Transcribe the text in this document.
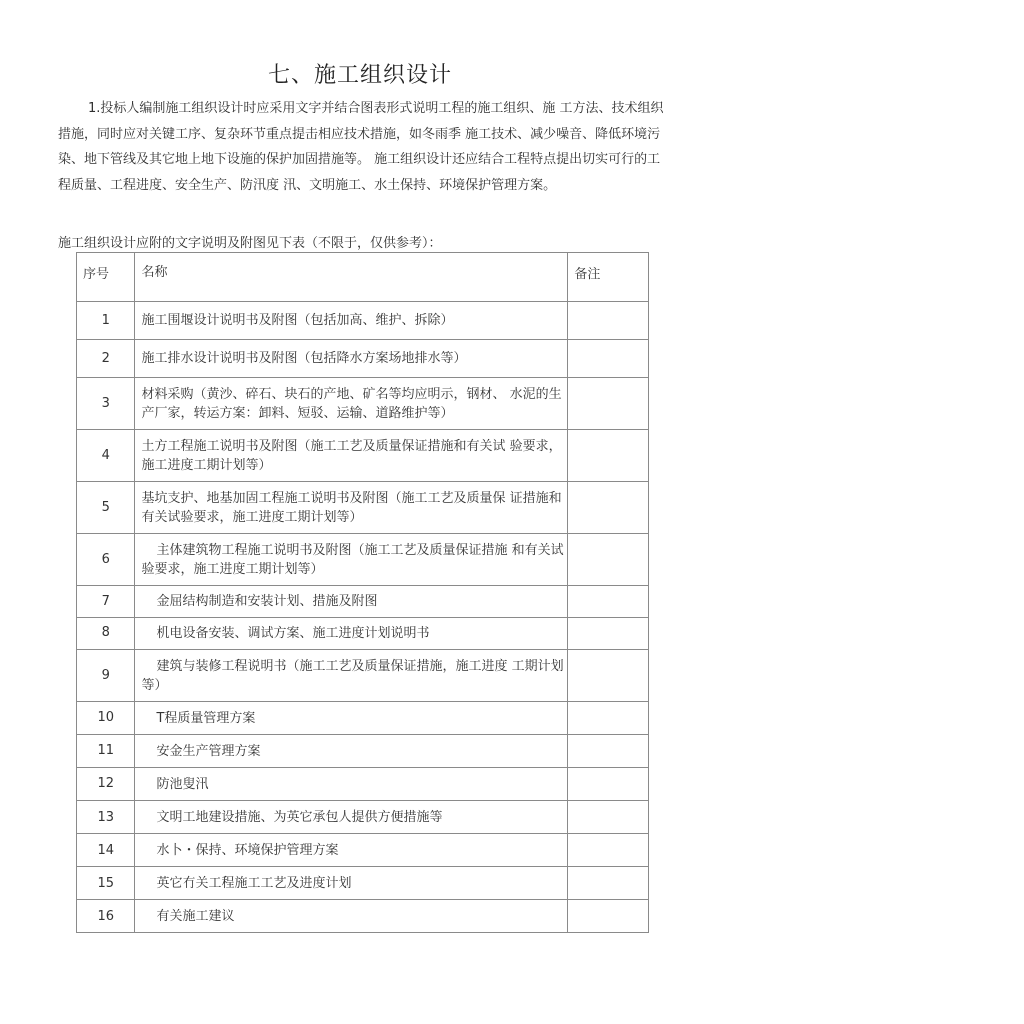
七、施工组织设计
1.投标人编制施工组织设计时应采用文字并结合图表形式说明工程的施工组织、施 工方法、技术组织措施，同时应对关键工序、复杂环节重点提击相应技术措施，如冬雨季 施工技术、减少噪音、降低环境污染、地下管线及其它地上地下设施的保护加固措施等。 施工组织设计还应结合工程特点提出切实可行的工程质量、工程进度、安全生产、防汛度 汛、文明施工、水土保持、环境保护管理方案。
施工组织设计应附的文字说明及附图见下表（不限于，仅供参考）：
序号	名称	备注
1	施工围堰设计说明书及附图（包括加高、维护、拆除）	
2	施工排水设计说明书及附图（包括降水方案场地排水等）	
3	材料采购（黄沙、碎石、块石的产地、矿名等均应明示，钢材、 水泥的生产厂家，转运方案：卸料、短驳、运输、道路维护等）	
4	土方工程施工说明书及附图（施工工艺及质量保证措施和有关试 验要求，施工进度工期计划等）	
5	基坑支护、地基加固工程施工说明书及附图（施工工艺及质量保 证措施和有关试验要求，施工进度工期计划等）	
6	主体建筑物工程施工说明书及附图（施工工艺及质量保证措施 和有关试验要求，施工进度工期计划等）	
7	金屈结构制造和安装计划、措施及附图	
8	机电设备安装、调试方案、施工进度计划说明书	
9	建筑与装修工程说明书（施工工艺及质量保证措施，施工进度 工期计划等）	
10	T程质量管理方案	
11	安金生产管理方案	
12	防池叟汛	
13	文明工地建设措施、为英它承包人提供方便措施等	
14	水卜・保持、环境保护管理方案	
15	英它冇关工程施工工艺及进度计划	
16	有关施工建议	
